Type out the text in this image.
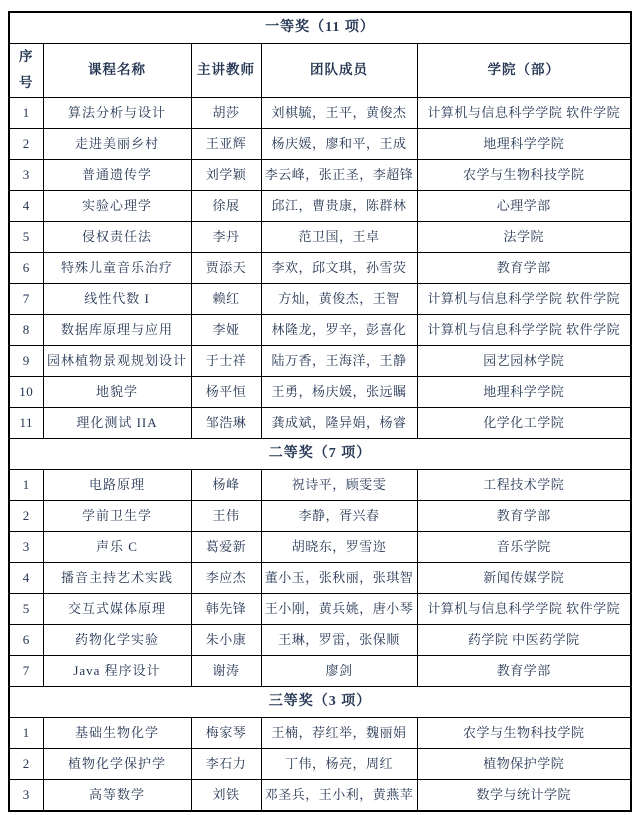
一等奖（11 项）				
序号	课程名称	主讲教师	团队成员	学院（部）
1	算法分析与设计	胡莎	刘棋毓，王平，黄俊杰	计算机与信息科学学院 软件学院
2	走进美丽乡村	王亚辉	杨庆媛，廖和平，王成	地理科学学院
3	普通遗传学	刘学颖	李云峰，张正圣，李超锋	农学与生物科技学院
4	实验心理学	徐展	邱江，曹贵康，陈群林	心理学部
5	侵权责任法	李丹	范卫国，王卓	法学院
6	特殊儿童音乐治疗	贾添天	李欢，邱文琪，孙雪荧	教育学部
7	线性代数 I	赖红	方灿，黄俊杰，王智	计算机与信息科学学院 软件学院
8	数据库原理与应用	李娅	林隆龙，罗辛，彭喜化	计算机与信息科学学院 软件学院
9	园林植物景观规划设计	于士祥	陆万香，王海洋，王静	园艺园林学院
10	地貌学	杨平恒	王勇，杨庆媛，张远瞩	地理科学学院
11	理化测试 IIA	邹浩琳	龚成斌，隆异娟，杨睿	化学化工学院
二等奖（7 项）				
1	电路原理	杨峰	祝诗平，顾雯雯	工程技术学院
2	学前卫生学	王伟	李静，胥兴春	教育学部
3	声乐 C	葛爱新	胡晓东，罗雪迩	音乐学院
4	播音主持艺术实践	李应杰	董小玉，张秋丽，张琪智	新闻传媒学院
5	交互式媒体原理	韩先锋	王小刚，黄兵姚，唐小琴	计算机与信息科学学院 软件学院
6	药物化学实验	朱小康	王琳，罗雷，张保顺	药学院 中医药学院
7	Java 程序设计	谢涛	廖剑	教育学部
三等奖（3 项）				
1	基础生物化学	梅家琴	王楠，荐红举，魏丽娟	农学与生物科技学院
2	植物化学保护学	李石力	丁伟，杨亮，周红	植物保护学院
3	高等数学	刘铁	邓圣兵，王小利，黄燕苹	数学与统计学院
